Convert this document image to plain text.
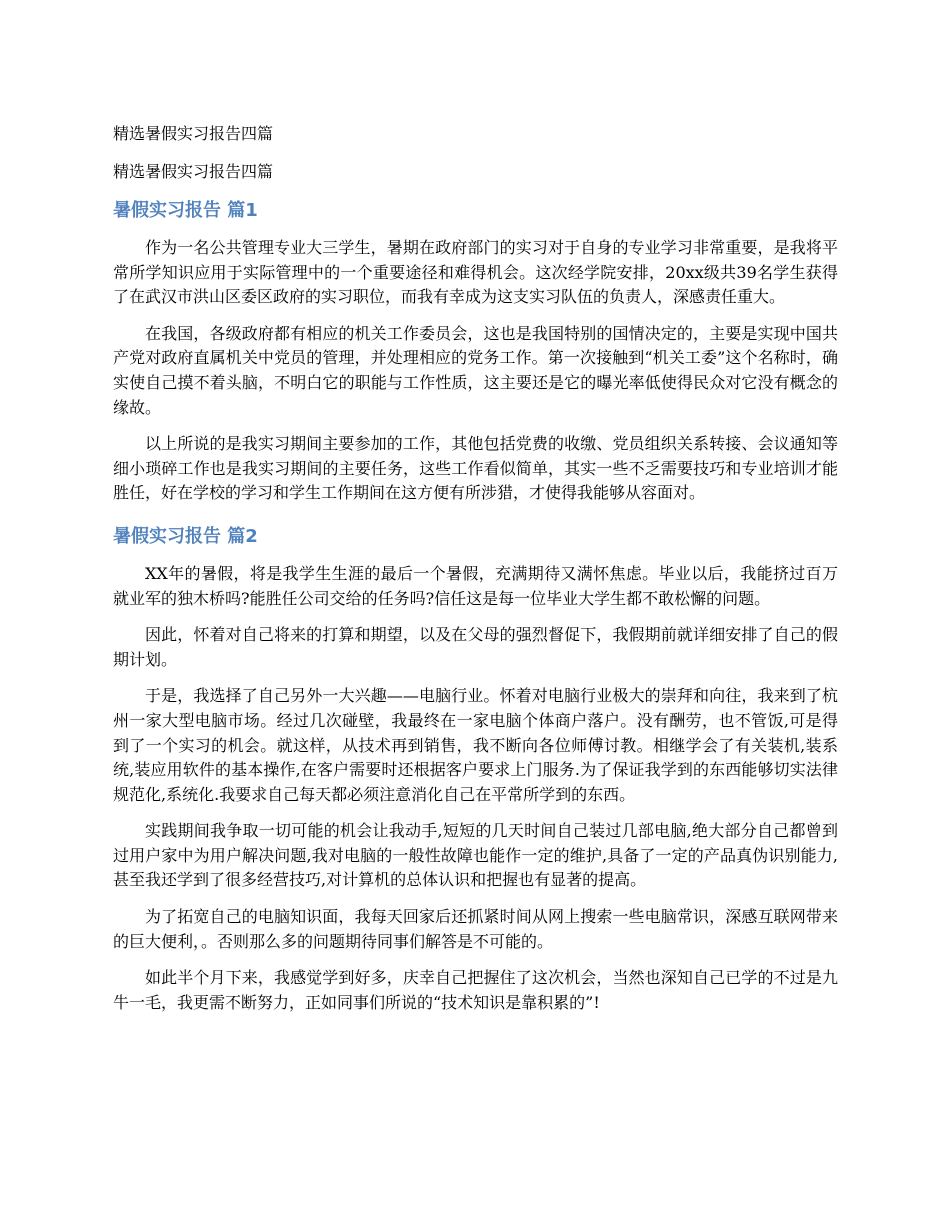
精选暑假实习报告四篇
精选暑假实习报告四篇
暑假实习报告 篇1

作为一名公共管理专业大三学生，暑期在政府部门的实习对于自身的专业学习非常重要，是我将平常所学知识应用于实际管理中的一个重要途径和难得机会。这次经学院安排，20xx级共39名学生获得了在武汉市洪山区委区政府的实习职位，而我有幸成为这支实习队伍的负责人，深感责任重大。

在我国，各级政府都有相应的机关工作委员会，这也是我国特别的国情决定的，主要是实现中国共产党对政府直属机关中党员的管理，并处理相应的党务工作。第一次接触到“机关工委”这个名称时，确实使自己摸不着头脑，不明白它的职能与工作性质，这主要还是它的曝光率低使得民众对它没有概念的缘故。

以上所说的是我实习期间主要参加的工作，其他包括党费的收缴、党员组织关系转接、会议通知等细小琐碎工作也是我实习期间的主要任务，这些工作看似简单，其实一些不乏需要技巧和专业培训才能胜任，好在学校的学习和学生工作期间在这方便有所涉猎，才使得我能够从容面对。

暑假实习报告 篇2

XX年的暑假，将是我学生生涯的最后一个暑假，充满期待又满怀焦虑。毕业以后，我能挤过百万就业军的独木桥吗?能胜任公司交给的任务吗?信任这是每一位毕业大学生都不敢松懈的问题。

因此，怀着对自己将来的打算和期望，以及在父母的强烈督促下，我假期前就详细安排了自己的假期计划。

于是，我选择了自己另外一大兴趣——电脑行业。怀着对电脑行业极大的崇拜和向往，我来到了杭州一家大型电脑市场。经过几次碰壁，我最终在一家电脑个体商户落户。没有酬劳，也不管饭,可是得到了一个实习的机会。就这样，从技术再到销售，我不断向各位师傅讨教。相继学会了有关装机,装系统,装应用软件的基本操作,在客户需要时还根据客户要求上门服务.为了保证我学到的东西能够切实法律规范化,系统化.我要求自己每天都必须注意消化自己在平常所学到的东西。

实践期间我争取一切可能的机会让我动手,短短的几天时间自己装过几部电脑,绝大部分自己都曾到过用户家中为用户解决问题,我对电脑的一般性故障也能作一定的维护,具备了一定的产品真伪识别能力,甚至我还学到了很多经营技巧,对计算机的总体认识和把握也有显著的提高。

为了拓宽自己的电脑知识面，我每天回家后还抓紧时间从网上搜索一些电脑常识，深感互联网带来的巨大便利，。否则那么多的问题期待同事们解答是不可能的。

如此半个月下来，我感觉学到好多，庆幸自己把握住了这次机会，当然也深知自己已学的不过是九牛一毛，我更需不断努力，正如同事们所说的“技术知识是靠积累的”!
